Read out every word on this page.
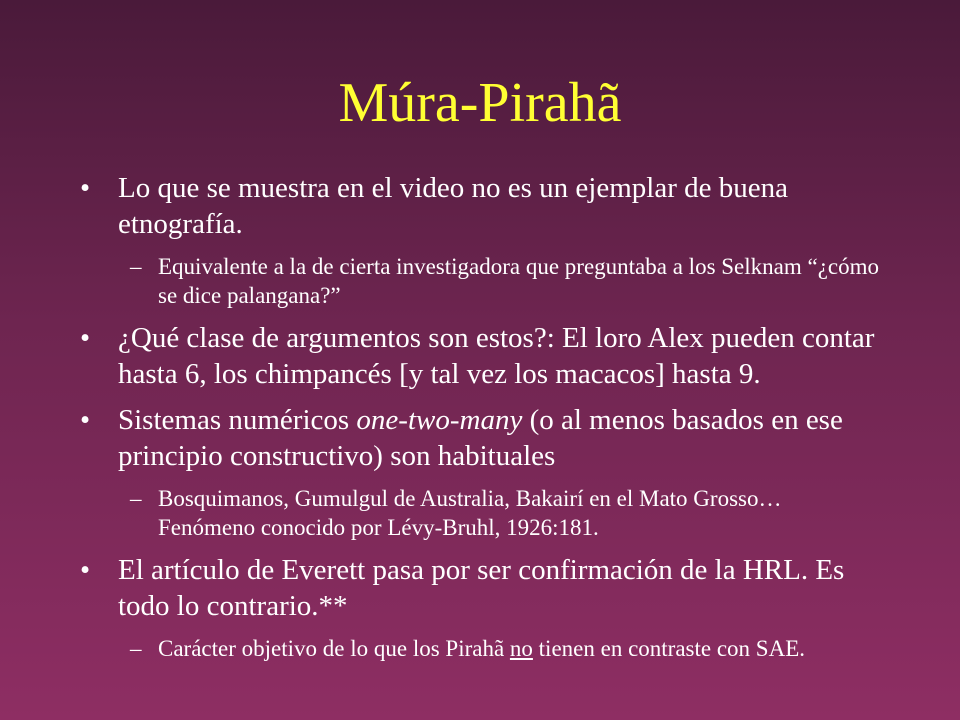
Múra-Pirahã
• Lo que se muestra en el video no es un ejemplar de buena etnografía.
– Equivalente a la de cierta investigadora que preguntaba a los Selknam “¿cómo se dice palangana?”
• ¿Qué clase de argumentos son estos?: El loro Alex pueden contar hasta 6, los chimpancés [y tal vez los macacos] hasta 9.
• Sistemas numéricos one-two-many (o al menos basados en ese principio constructivo) son habituales
– Bosquimanos, Gumulgul de Australia, Bakairí en el Mato Grosso… Fenómeno conocido por Lévy-Bruhl, 1926:181.
• El artículo de Everett pasa por ser confirmación de la HRL. Es todo lo contrario.**
– Carácter objetivo de lo que los Pirahã no tienen en contraste con SAE.
